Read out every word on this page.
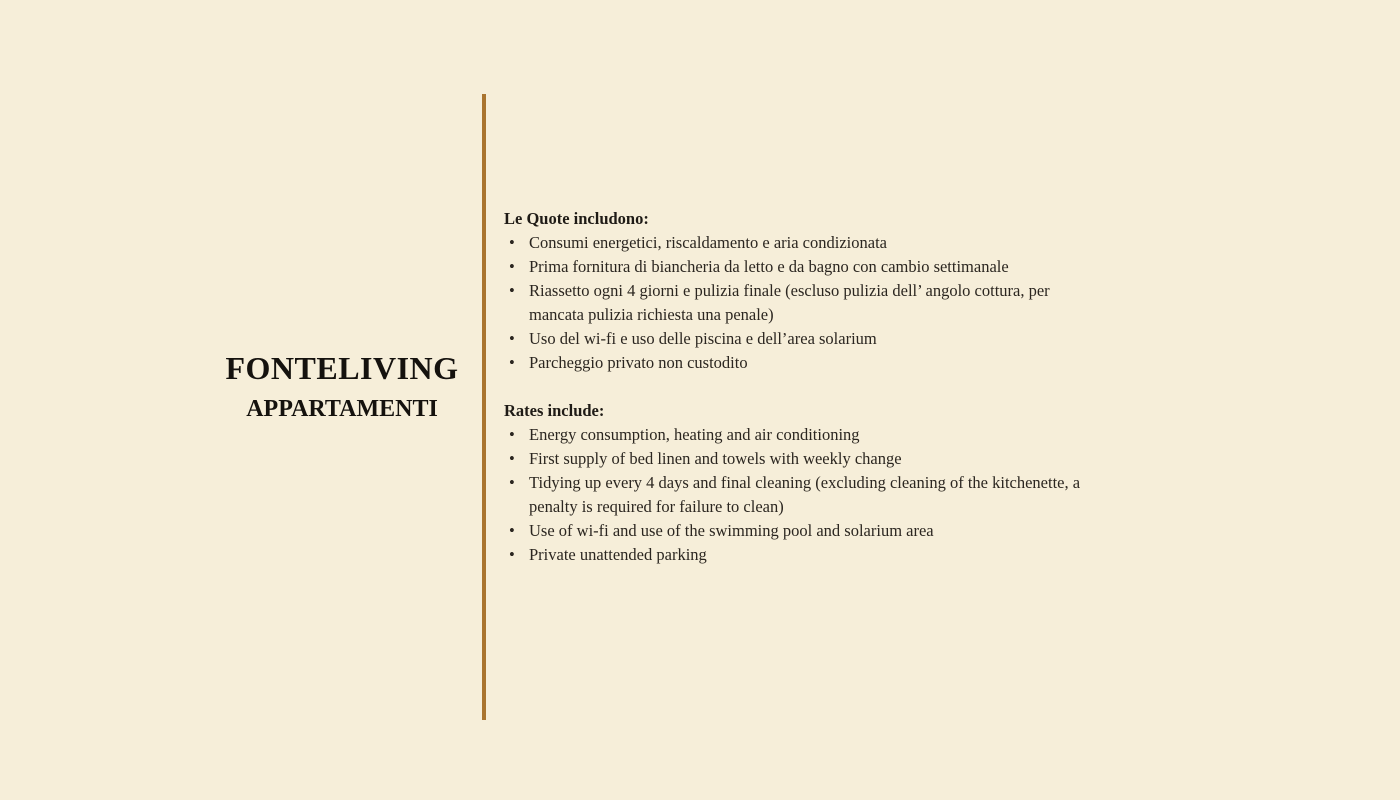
FONTELIVING
APPARTAMENTI

Le Quote includono:

• Consumi energetici, riscaldamento e aria condizionata
• Prima fornitura di biancheria da letto e da bagno con cambio settimanale
• Riassetto ogni 4 giorni e pulizia finale (escluso pulizia dell’ angolo cottura, per mancata pulizia richiesta una penale)
• Uso del wi-fi e uso delle piscina e dell’area solarium
• Parcheggio privato non custodito

Rates include:

• Energy consumption, heating and air conditioning
• First supply of bed linen and towels with weekly change
• Tidying up every 4 days and final cleaning (excluding cleaning of the kitchenette, a penalty is required for failure to clean)
• Use of wi-fi and use of the swimming pool and solarium area
• Private unattended parking
